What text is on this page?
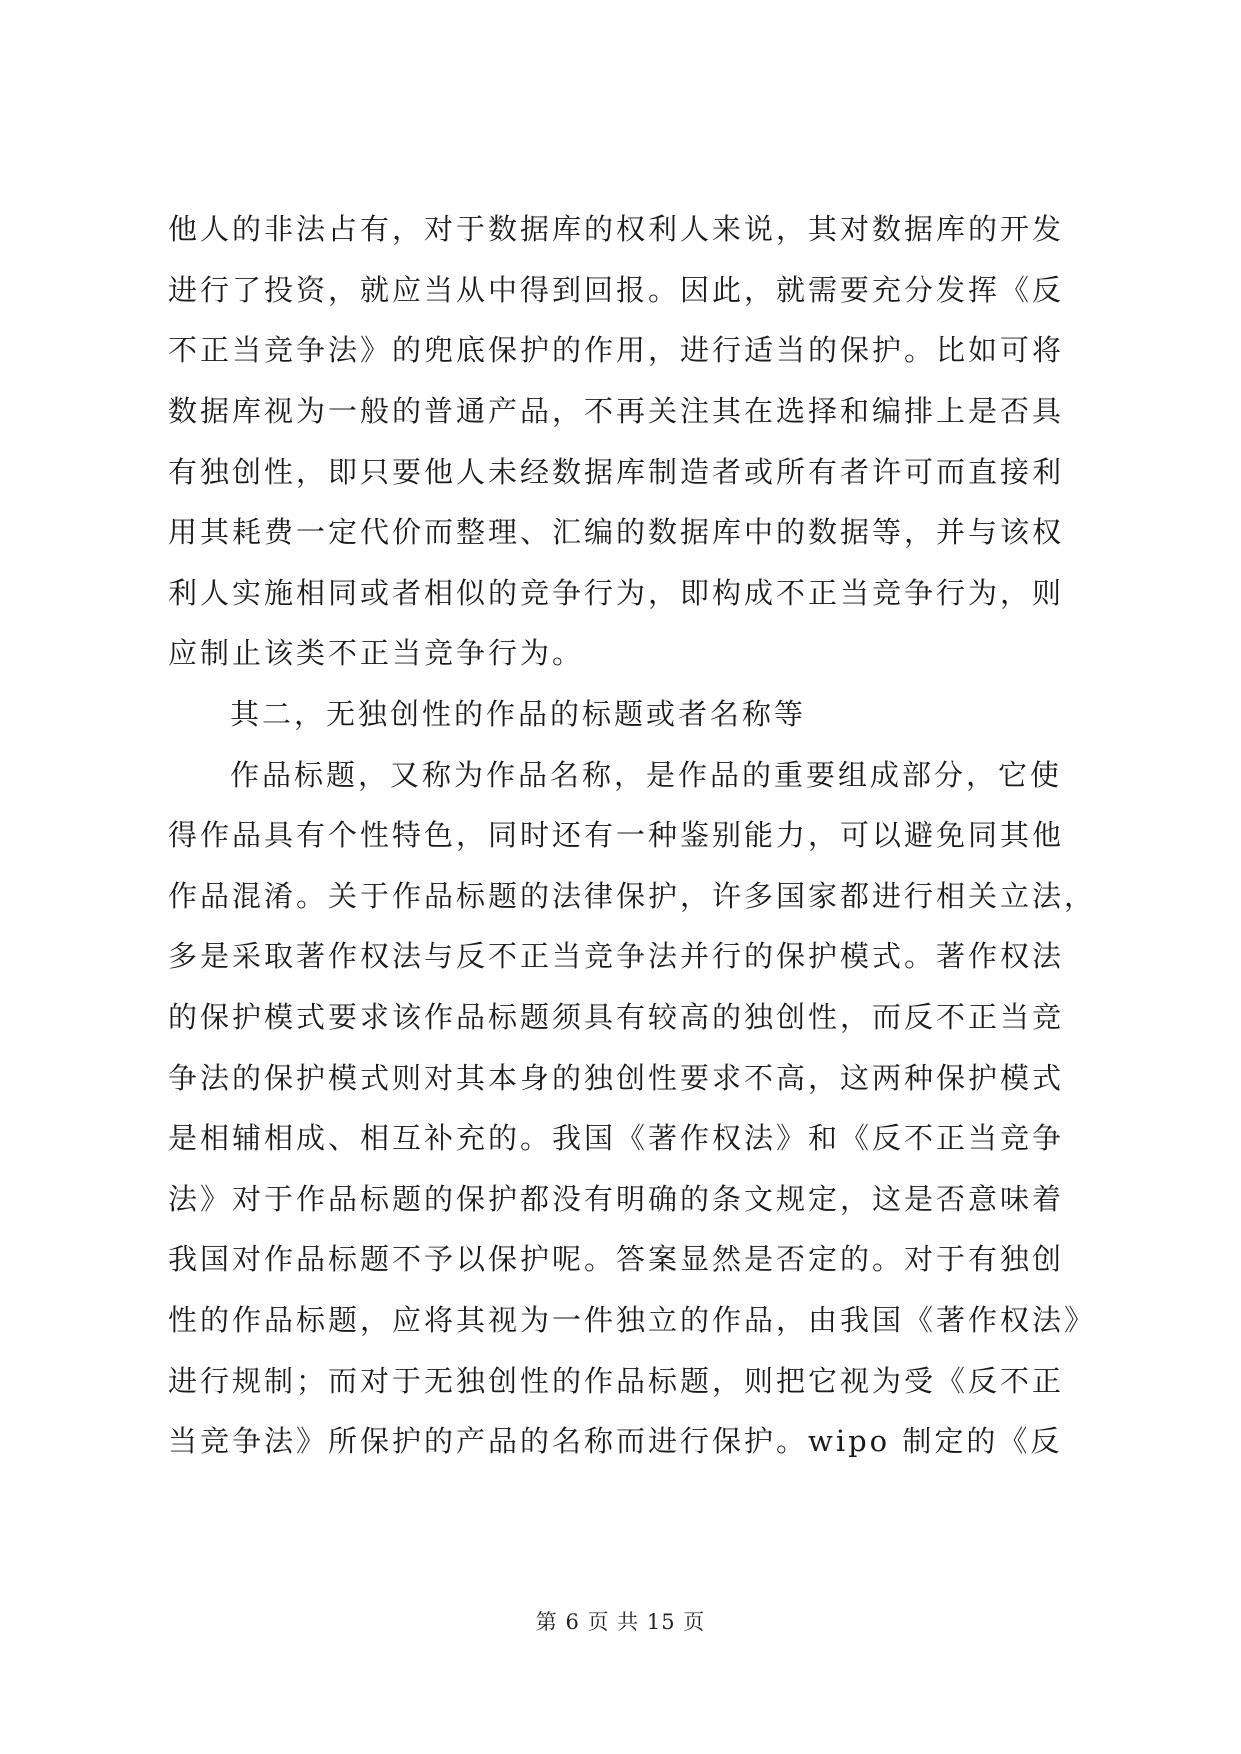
他人的非法占有，对于数据库的权利人来说，其对数据库的开发
进行了投资，就应当从中得到回报。因此，就需要充分发挥《反
不正当竞争法》的兜底保护的作用，进行适当的保护。比如可将
数据库视为一般的普通产品，不再关注其在选择和编排上是否具
有独创性，即只要他人未经数据库制造者或所有者许可而直接利
用其耗费一定代价而整理、汇编的数据库中的数据等，并与该权
利人实施相同或者相似的竞争行为，即构成不正当竞争行为，则
应制止该类不正当竞争行为。
其二，无独创性的作品的标题或者名称等
作品标题，又称为作品名称，是作品的重要组成部分，它使
得作品具有个性特色，同时还有一种鉴别能力，可以避免同其他
作品混淆。关于作品标题的法律保护，许多国家都进行相关立法，
多是采取著作权法与反不正当竞争法并行的保护模式。著作权法
的保护模式要求该作品标题须具有较高的独创性，而反不正当竞
争法的保护模式则对其本身的独创性要求不高，这两种保护模式
是相辅相成、相互补充的。我国《著作权法》和《反不正当竞争
法》对于作品标题的保护都没有明确的条文规定，这是否意味着
我国对作品标题不予以保护呢。答案显然是否定的。对于有独创
性的作品标题，应将其视为一件独立的作品，由我国《著作权法》
进行规制；而对于无独创性的作品标题，则把它视为受《反不正
当竞争法》所保护的产品的名称而进行保护。wipo 制定的《反
第 6 页 共 15 页
